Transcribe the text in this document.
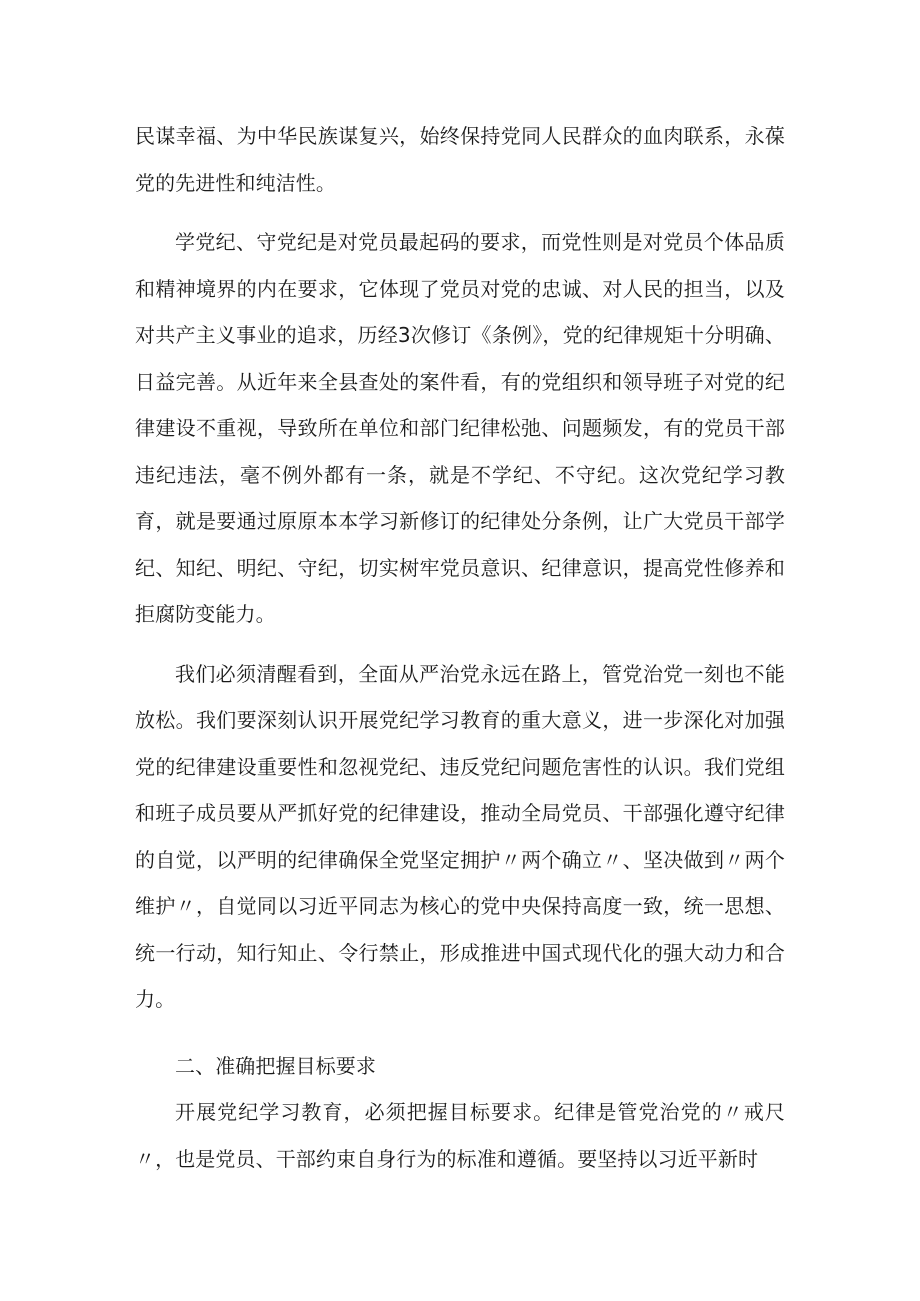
民谋幸福、为中华民族谋复兴，始终保持党同人民群众的血肉联系，永葆党的先进性和纯洁性。

学党纪、守党纪是对党员最起码的要求，而党性则是对党员个体品质和精神境界的内在要求，它体现了党员对党的忠诚、对人民的担当，以及对共产主义事业的追求，历经3次修订《条例》，党的纪律规矩十分明确、日益完善。从近年来全县查处的案件看，有的党组织和领导班子对党的纪律建设不重视，导致所在单位和部门纪律松弛、问题频发，有的党员干部违纪违法，毫不例外都有一条，就是不学纪、不守纪。这次党纪学习教育，就是要通过原原本本学习新修订的纪律处分条例，让广大党员干部学纪、知纪、明纪、守纪，切实树牢党员意识、纪律意识，提高党性修养和拒腐防变能力。

我们必须清醒看到，全面从严治党永远在路上，管党治党一刻也不能放松。我们要深刻认识开展党纪学习教育的重大意义，进一步深化对加强党的纪律建设重要性和忽视党纪、违反党纪问题危害性的认识。我们党组和班子成员要从严抓好党的纪律建设，推动全局党员、干部强化遵守纪律的自觉，以严明的纪律确保全党坚定拥护〃两个确立〃、坚决做到〃两个维护〃，自觉同以习近平同志为核心的党中央保持高度一致，统一思想、统一行动，知行知止、令行禁止，形成推进中国式现代化的强大动力和合力。

二、准确把握目标要求

开展党纪学习教育，必须把握目标要求。纪律是管党治党的〃戒尺〃，也是党员、干部约束自身行为的标准和遵循。要坚持以习近平新时
